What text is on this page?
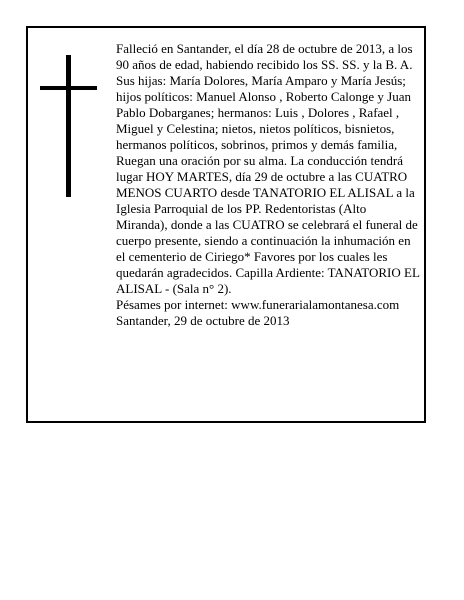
Falleció en Santander, el día 28 de octubre de 2013, a los 90 años de edad, habiendo recibido los SS. SS. y la B. A.

Sus hijas: María Dolores, María Amparo y María Jesús; hijos políticos: Manuel Alonso , Roberto Calonge y Juan Pablo Dobarganes; hermanos: Luis , Dolores , Rafael , Miguel y Celestina; nietos, nietos políticos, bisnietos, hermanos políticos, sobrinos, primos y demás familia,

Ruegan una oración por su alma. La conducción tendrá lugar HOY MARTES, día 29 de octubre a las CUATRO MENOS CUARTO desde TANATORIO EL ALISAL a la Iglesia Parroquial de los PP. Redentoristas (Alto Miranda), donde a las CUATRO se celebrará el funeral de cuerpo presente, siendo a continuación la inhumación en el cementerio de Ciriego* Favores por los cuales les quedarán agradecidos. Capilla Ardiente: TANATORIO EL ALISAL - (Sala n° 2).

Pésames por internet: www.funerarialamontanesa.com

Santander, 29 de octubre de 2013
